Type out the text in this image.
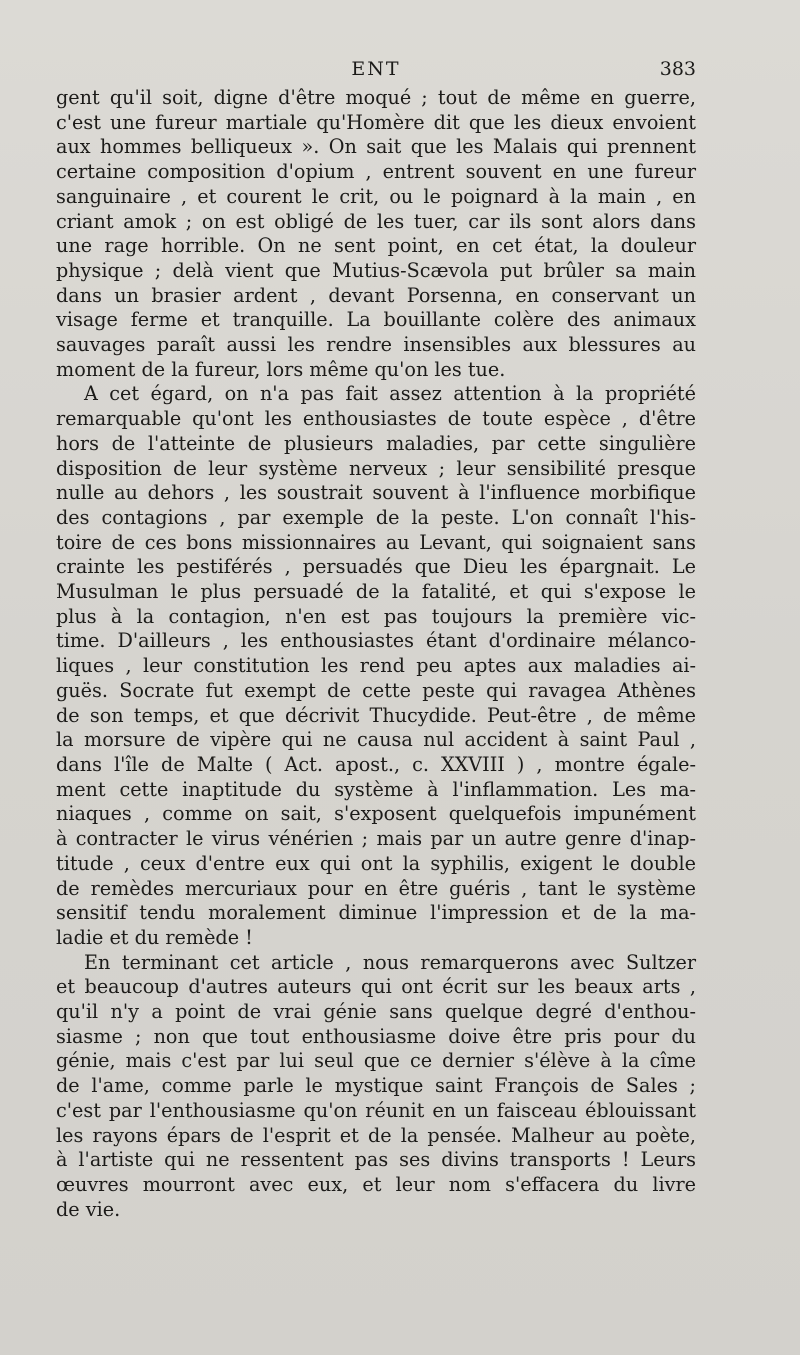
ENT	383
gent qu'il soit, digne d'être moqué ; tout de même en guerre,
c'est une fureur martiale qu'Homère dit que les dieux envoient
aux hommes belliqueux ». On sait que les Malais qui prennent
certaine composition d'opium , entrent souvent en une fureur
sanguinaire , et courent le crit, ou le poignard à la main , en
criant amok ; on est obligé de les tuer, car ils sont alors dans
une rage horrible. On ne sent point, en cet état, la douleur
physique ; delà vient que Mutius-Scævola put brûler sa main
dans un brasier ardent , devant Porsenna, en conservant un
visage ferme et tranquille. La bouillante colère des animaux
sauvages paraît aussi les rendre insensibles aux blessures au
moment de la fureur, lors même qu'on les tue.
A cet égard, on n'a pas fait assez attention à la propriété
remarquable qu'ont les enthousiastes de toute espèce , d'être
hors de l'atteinte de plusieurs maladies, par cette singulière
disposition de leur système nerveux ; leur sensibilité presque
nulle au dehors , les soustrait souvent à l'influence morbifique
des contagions , par exemple de la peste. L'on connaît l'his-
toire de ces bons missionnaires au Levant, qui soignaient sans
crainte les pestiférés , persuadés que Dieu les épargnait. Le
Musulman le plus persuadé de la fatalité, et qui s'expose le
plus à la contagion, n'en est pas toujours la première vic-
time. D'ailleurs , les enthousiastes étant d'ordinaire mélanco-
liques , leur constitution les rend peu aptes aux maladies ai-
guës. Socrate fut exempt de cette peste qui ravagea Athènes
de son temps, et que décrivit Thucydide. Peut-être , de même
la morsure de vipère qui ne causa nul accident à saint Paul ,
dans l'île de Malte ( Act. apost., c. XXVIII ) , montre égale-
ment cette inaptitude du système à l'inflammation. Les ma-
niaques , comme on sait, s'exposent quelquefois impunément
à contracter le virus vénérien ; mais par un autre genre d'inap-
titude , ceux d'entre eux qui ont la syphilis, exigent le double
de remèdes mercuriaux pour en être guéris , tant le système
sensitif tendu moralement diminue l'impression et de la ma-
ladie et du remède !
En terminant cet article , nous remarquerons avec Sultzer
et beaucoup d'autres auteurs qui ont écrit sur les beaux arts ,
qu'il n'y a point de vrai génie sans quelque degré d'enthou-
siasme ; non que tout enthousiasme doive être pris pour du
génie, mais c'est par lui seul que ce dernier s'élève à la cîme
de l'ame, comme parle le mystique saint François de Sales ;
c'est par l'enthousiasme qu'on réunit en un faisceau éblouissant
les rayons épars de l'esprit et de la pensée. Malheur au poète,
à l'artiste qui ne ressentent pas ses divins transports ! Leurs
œuvres mourront avec eux, et leur nom s'effacera du livre
de vie.
